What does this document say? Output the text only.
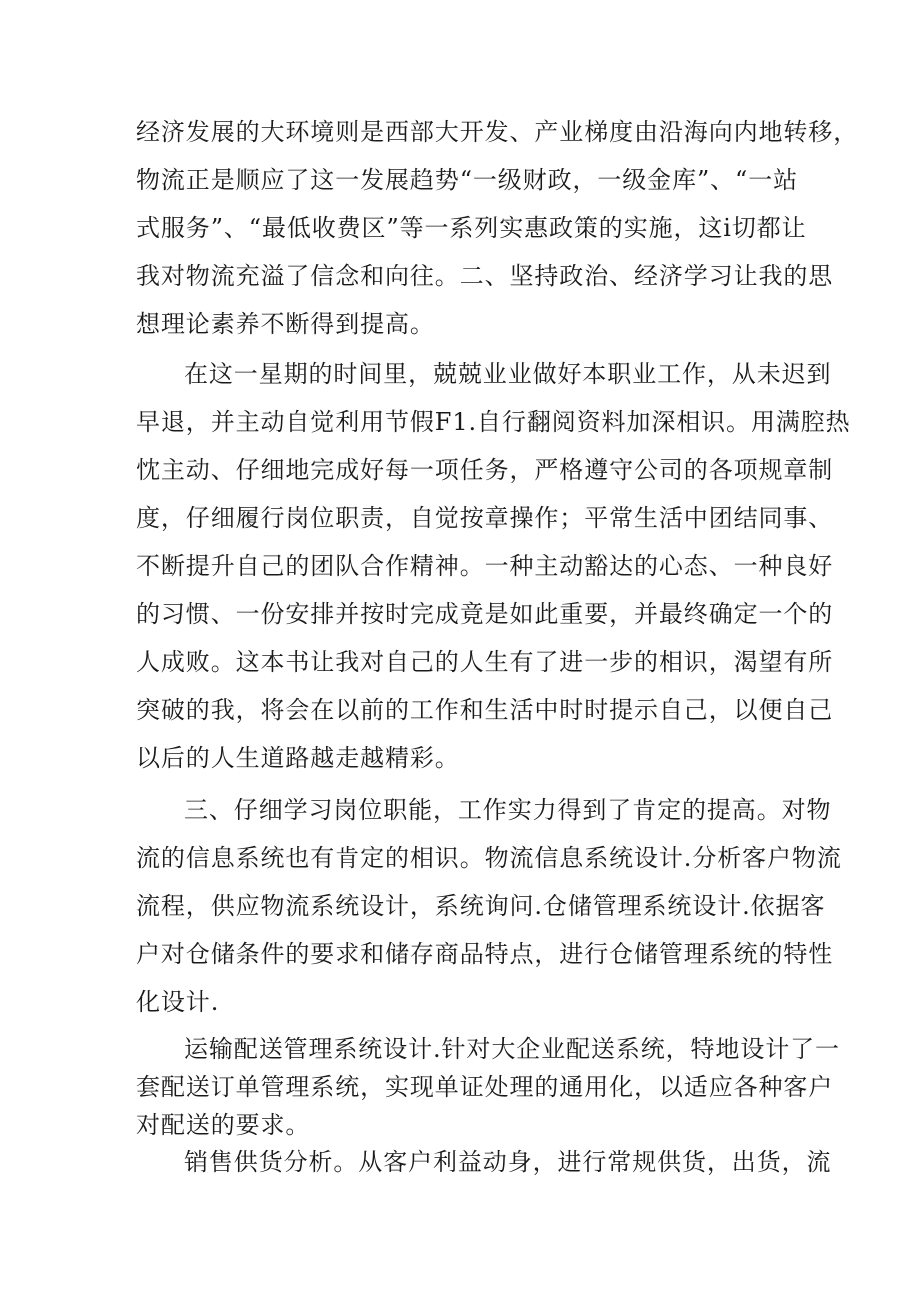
经济发展的大环境则是西部大开发、产业梯度由沿海向内地转移，
物流正是顺应了这一发展趋势“一级财政，一级金库”、“一站
式服务”、“最低收费区”等一系列实惠政策的实施，这i切都让
我对物流充溢了信念和向往。二、坚持政治、经济学习让我的思
想理论素养不断得到提高。
在这一星期的时间里，兢兢业业做好本职业工作，从未迟到
早退，并主动自觉利用节假F1.自行翻阅资料加深相识。用满腔热
忱主动、仔细地完成好每一项任务，严格遵守公司的各项规章制
度，仔细履行岗位职责，自觉按章操作；平常生活中团结同事、
不断提升自己的团队合作精神。一种主动豁达的心态、一种良好
的习惯、一份安排并按时完成竟是如此重要，并最终确定一个的
人成败。这本书让我对自己的人生有了进一步的相识，渴望有所
突破的我，将会在以前的工作和生活中时时提示自己，以便自己
以后的人生道路越走越精彩。
三、仔细学习岗位职能，工作实力得到了肯定的提高。对物
流的信息系统也有肯定的相识。物流信息系统设计.分析客户物流
流程，供应物流系统设计，系统询问.仓储管理系统设计.依据客
户对仓储条件的要求和储存商品特点，进行仓储管理系统的特性
化设计.
运输配送管理系统设计.针对大企业配送系统，特地设计了一
套配送订单管理系统，实现单证处理的通用化，以适应各种客户
对配送的要求。
销售供货分析。从客户利益动身，进行常规供货，出货，流
